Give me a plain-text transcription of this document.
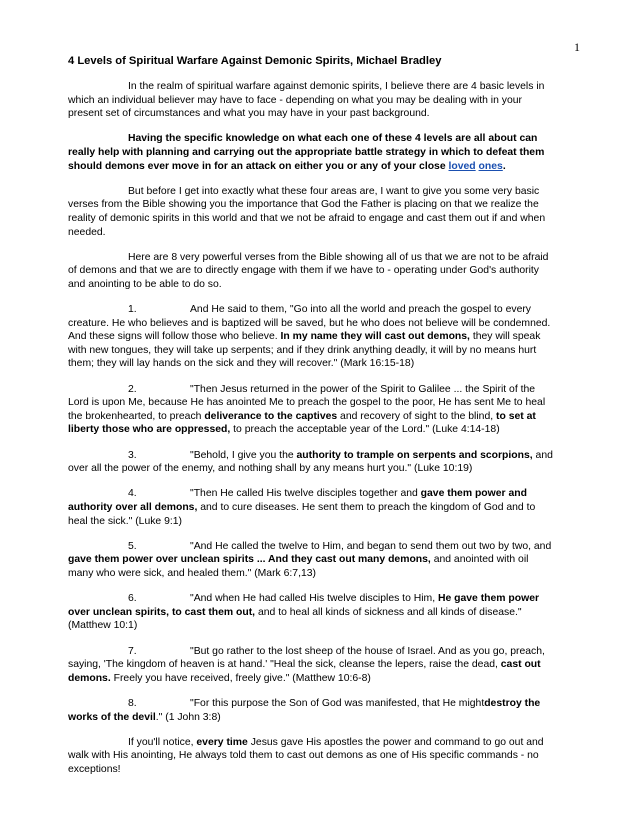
1
4 Levels of Spiritual Warfare Against Demonic Spirits, Michael Bradley

In the realm of spiritual warfare against demonic spirits, I believe there are 4 basic levels in which an individual believer may have to face - depending on what you may be dealing with in your present set of circumstances and what you may have in your past background.

Having the specific knowledge on what each one of these 4 levels are all about can really help with planning and carrying out the appropriate battle strategy in which to defeat them should demons ever move in for an attack on either you or any of your close loved ones.

But before I get into exactly what these four areas are, I want to give you some very basic verses from the Bible showing you the importance that God the Father is placing on that we realize the reality of demonic spirits in this world and that we not be afraid to engage and cast them out if and when needed.

Here are 8 very powerful verses from the Bible showing all of us that we are not to be afraid of demons and that we are to directly engage with them if we have to - operating under God's authority and anointing to be able to do so.

1.	And He said to them, "Go into all the world and preach the gospel to every creature. He who believes and is baptized will be saved, but he who does not believe will be condemned. And these signs will follow those who believe. In my name they will cast out demons, they will speak with new tongues, they will take up serpents; and if they drink anything deadly, it will by no means hurt them; they will lay hands on the sick and they will recover." (Mark 16:15-18)

2.	"Then Jesus returned in the power of the Spirit to Galilee ... the Spirit of the Lord is upon Me, because He has anointed Me to preach the gospel to the poor, He has sent Me to heal the brokenhearted, to preach deliverance to the captives and recovery of sight to the blind, to set at liberty those who are oppressed, to preach the acceptable year of the Lord." (Luke 4:14-18)

3.	"Behold, I give you the authority to trample on serpents and scorpions, and over all the power of the enemy, and nothing shall by any means hurt you." (Luke 10:19)

4.	"Then He called His twelve disciples together and gave them power and authority over all demons, and to cure diseases. He sent them to preach the kingdom of God and to heal the sick." (Luke 9:1)

5.	"And He called the twelve to Him, and began to send them out two by two, and gave them power over unclean spirits ... And they cast out many demons, and anointed with oil many who were sick, and healed them." (Mark 6:7,13)

6.	"And when He had called His twelve disciples to Him, He gave them power over unclean spirits, to cast them out, and to heal all kinds of sickness and all kinds of disease." (Matthew 10:1)

7.	"But go rather to the lost sheep of the house of Israel. And as you go, preach, saying, 'The kingdom of heaven is at hand.' "Heal the sick, cleanse the lepers, raise the dead, cast out demons. Freely you have received, freely give." (Matthew 10:6-8)

8.	"For this purpose the Son of God was manifested, that He mightdestroy the works of the devil." (1 John 3:8)

If you'll notice, every time Jesus gave His apostles the power and command to go out and walk with His anointing, He always told them to cast out demons as one of His specific commands - no exceptions!
